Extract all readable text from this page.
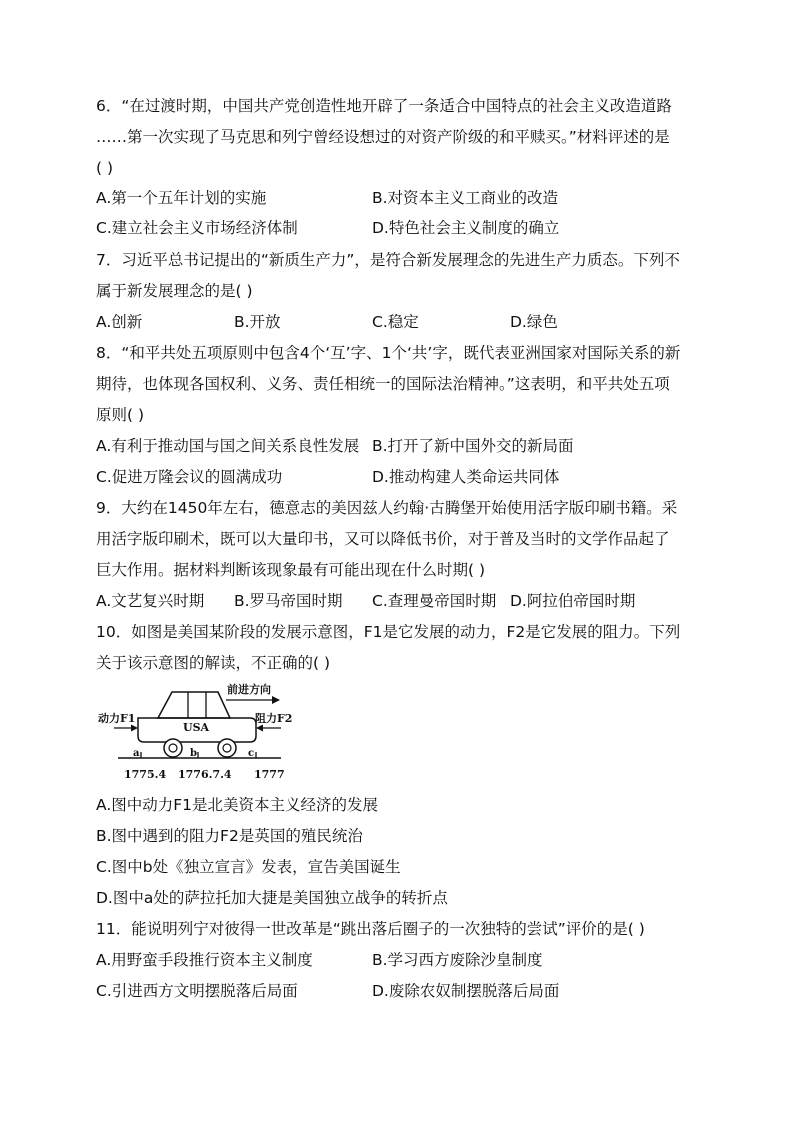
6．“在过渡时期，中国共产党创造性地开辟了一条适合中国特点的社会主义改造道路
……第一次实现了马克思和列宁曾经设想过的对资产阶级的和平赎买。”材料评述的是
( )
A.第一个五年计划的实施	B.对资本主义工商业的改造
C.建立社会主义市场经济体制	D.特色社会主义制度的确立
7．习近平总书记提出的“新质生产力”，是符合新发展理念的先进生产力质态。下列不
属于新发展理念的是( )
A.创新	B.开放	C.稳定	D.绿色
8．“和平共处五项原则中包含4个‘互’字、1个‘共’字，既代表亚洲国家对国际关系的新
期待，也体现各国权利、义务、责任相统一的国际法治精神。”这表明，和平共处五项
原则( )
A.有利于推动国与国之间关系良性发展 B.打开了新中国外交的新局面
C.促进万隆会议的圆满成功	D.推动构建人类命运共同体
9．大约在1450年左右，德意志的美因兹人约翰·古腾堡开始使用活字版印刷书籍。采
用活字版印刷术，既可以大量印书，又可以降低书价，对于普及当时的文学作品起了
巨大作用。据材料判断该现象最有可能出现在什么时期( )
A.文艺复兴时期 B.罗马帝国时期 C.查理曼帝国时期 D.阿拉伯帝国时期
10．如图是美国某阶段的发展示意图，F1是它发展的动力，F2是它发展的阻力。下列
关于该示意图的解读，不正确的( )
前进方向
USA
动力F1	阻力F2
a	b	c
1775.4 1776.7.4 1777
A.图中动力F1是北美资本主义经济的发展
B.图中遇到的阻力F2是英国的殖民统治
C.图中b处《独立宣言》发表，宣告美国诞生
D.图中a处的萨拉托加大捷是美国独立战争的转折点
11．能说明列宁对彼得一世改革是“跳出落后圈子的一次独特的尝试”评价的是( )
A.用野蛮手段推行资本主义制度	B.学习西方废除沙皇制度
C.引进西方文明摆脱落后局面	D.废除农奴制摆脱落后局面
